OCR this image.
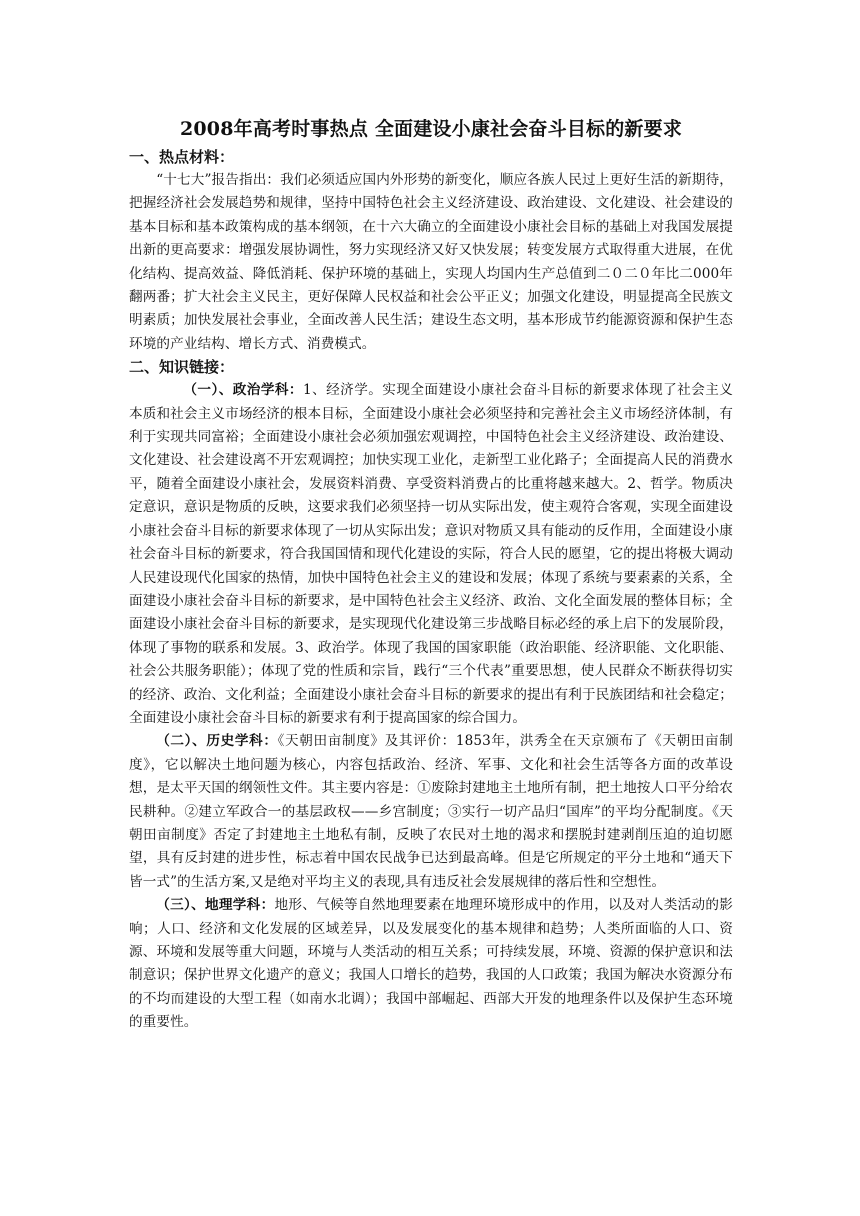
2008年高考时事热点 全面建设小康社会奋斗目标的新要求
一、热点材料：

“十七大”报告指出：我们必须适应国内外形势的新变化，顺应各族人民过上更好生活的新期待，把握经济社会发展趋势和规律，坚持中国特色社会主义经济建设、政治建设、文化建设、社会建设的基本目标和基本政策构成的基本纲领，在十六大确立的全面建设小康社会目标的基础上对我国发展提出新的更高要求：增强发展协调性，努力实现经济又好又快发展；转变发展方式取得重大进展，在优化结构、提高效益、降低消耗、保护环境的基础上，实现人均国内生产总值到二０二０年比二000年翻两番；扩大社会主义民主，更好保障人民权益和社会公平正义；加强文化建设，明显提高全民族文明素质；加快发展社会事业，全面改善人民生活；建设生态文明，基本形成节约能源资源和保护生态环境的产业结构、增长方式、消费模式。

二、知识链接：

（一）、政治学科：1、经济学。实现全面建设小康社会奋斗目标的新要求体现了社会主义本质和社会主义市场经济的根本目标，全面建设小康社会必须坚持和完善社会主义市场经济体制，有利于实现共同富裕；全面建设小康社会必须加强宏观调控，中国特色社会主义经济建设、政治建设、文化建设、社会建设离不开宏观调控；加快实现工业化，走新型工业化路子；全面提高人民的消费水平，随着全面建设小康社会，发展资料消费、享受资料消费占的比重将越来越大。2、哲学。物质决定意识，意识是物质的反映，这要求我们必须坚持一切从实际出发，使主观符合客观，实现全面建设小康社会奋斗目标的新要求体现了一切从实际出发；意识对物质又具有能动的反作用，全面建设小康社会奋斗目标的新要求，符合我国国情和现代化建设的实际，符合人民的愿望，它的提出将极大调动人民建设现代化国家的热情，加快中国特色社会主义的建设和发展；体现了系统与要素素的关系，全面建设小康社会奋斗目标的新要求，是中国特色社会主义经济、政治、文化全面发展的整体目标；全面建设小康社会奋斗目标的新要求，是实现现代化建设第三步战略目标必经的承上启下的发展阶段，体现了事物的联系和发展。3、政治学。体现了我国的国家职能（政治职能、经济职能、文化职能、社会公共服务职能）；体现了党的性质和宗旨，践行“三个代表”重要思想，使人民群众不断获得切实的经济、政治、文化利益；全面建设小康社会奋斗目标的新要求的提出有利于民族团结和社会稳定；全面建设小康社会奋斗目标的新要求有利于提高国家的综合国力。

（二）、历史学科：《天朝田亩制度》及其评价：1853年，洪秀全在天京颁布了《天朝田亩制度》，它以解决土地问题为核心，内容包括政治、经济、军事、文化和社会生活等各方面的改革设想，是太平天国的纲领性文件。其主要内容是：①废除封建地主土地所有制，把土地按人口平分给农民耕种。②建立军政合一的基层政权——乡宫制度；③实行一切产品归“国库”的平均分配制度。《天朝田亩制度》否定了封建地主土地私有制，反映了农民对土地的渴求和摆脱封建剥削压迫的迫切愿望，具有反封建的进步性，标志着中国农民战争已达到最高峰。但是它所规定的平分土地和“通天下皆一式”的生活方案,又是绝对平均主义的表现,具有违反社会发展规律的落后性和空想性。

（三）、地理学科：地形、气候等自然地理要素在地理环境形成中的作用，以及对人类活动的影响；人口、经济和文化发展的区域差异，以及发展变化的基本规律和趋势；人类所面临的人口、资源、环境和发展等重大问题，环境与人类活动的相互关系；可持续发展，环境、资源的保护意识和法制意识；保护世界文化遗产的意义；我国人口增长的趋势，我国的人口政策；我国为解决水资源分布的不均而建设的大型工程（如南水北调）；我国中部崛起、西部大开发的地理条件以及保护生态环境的重要性。
